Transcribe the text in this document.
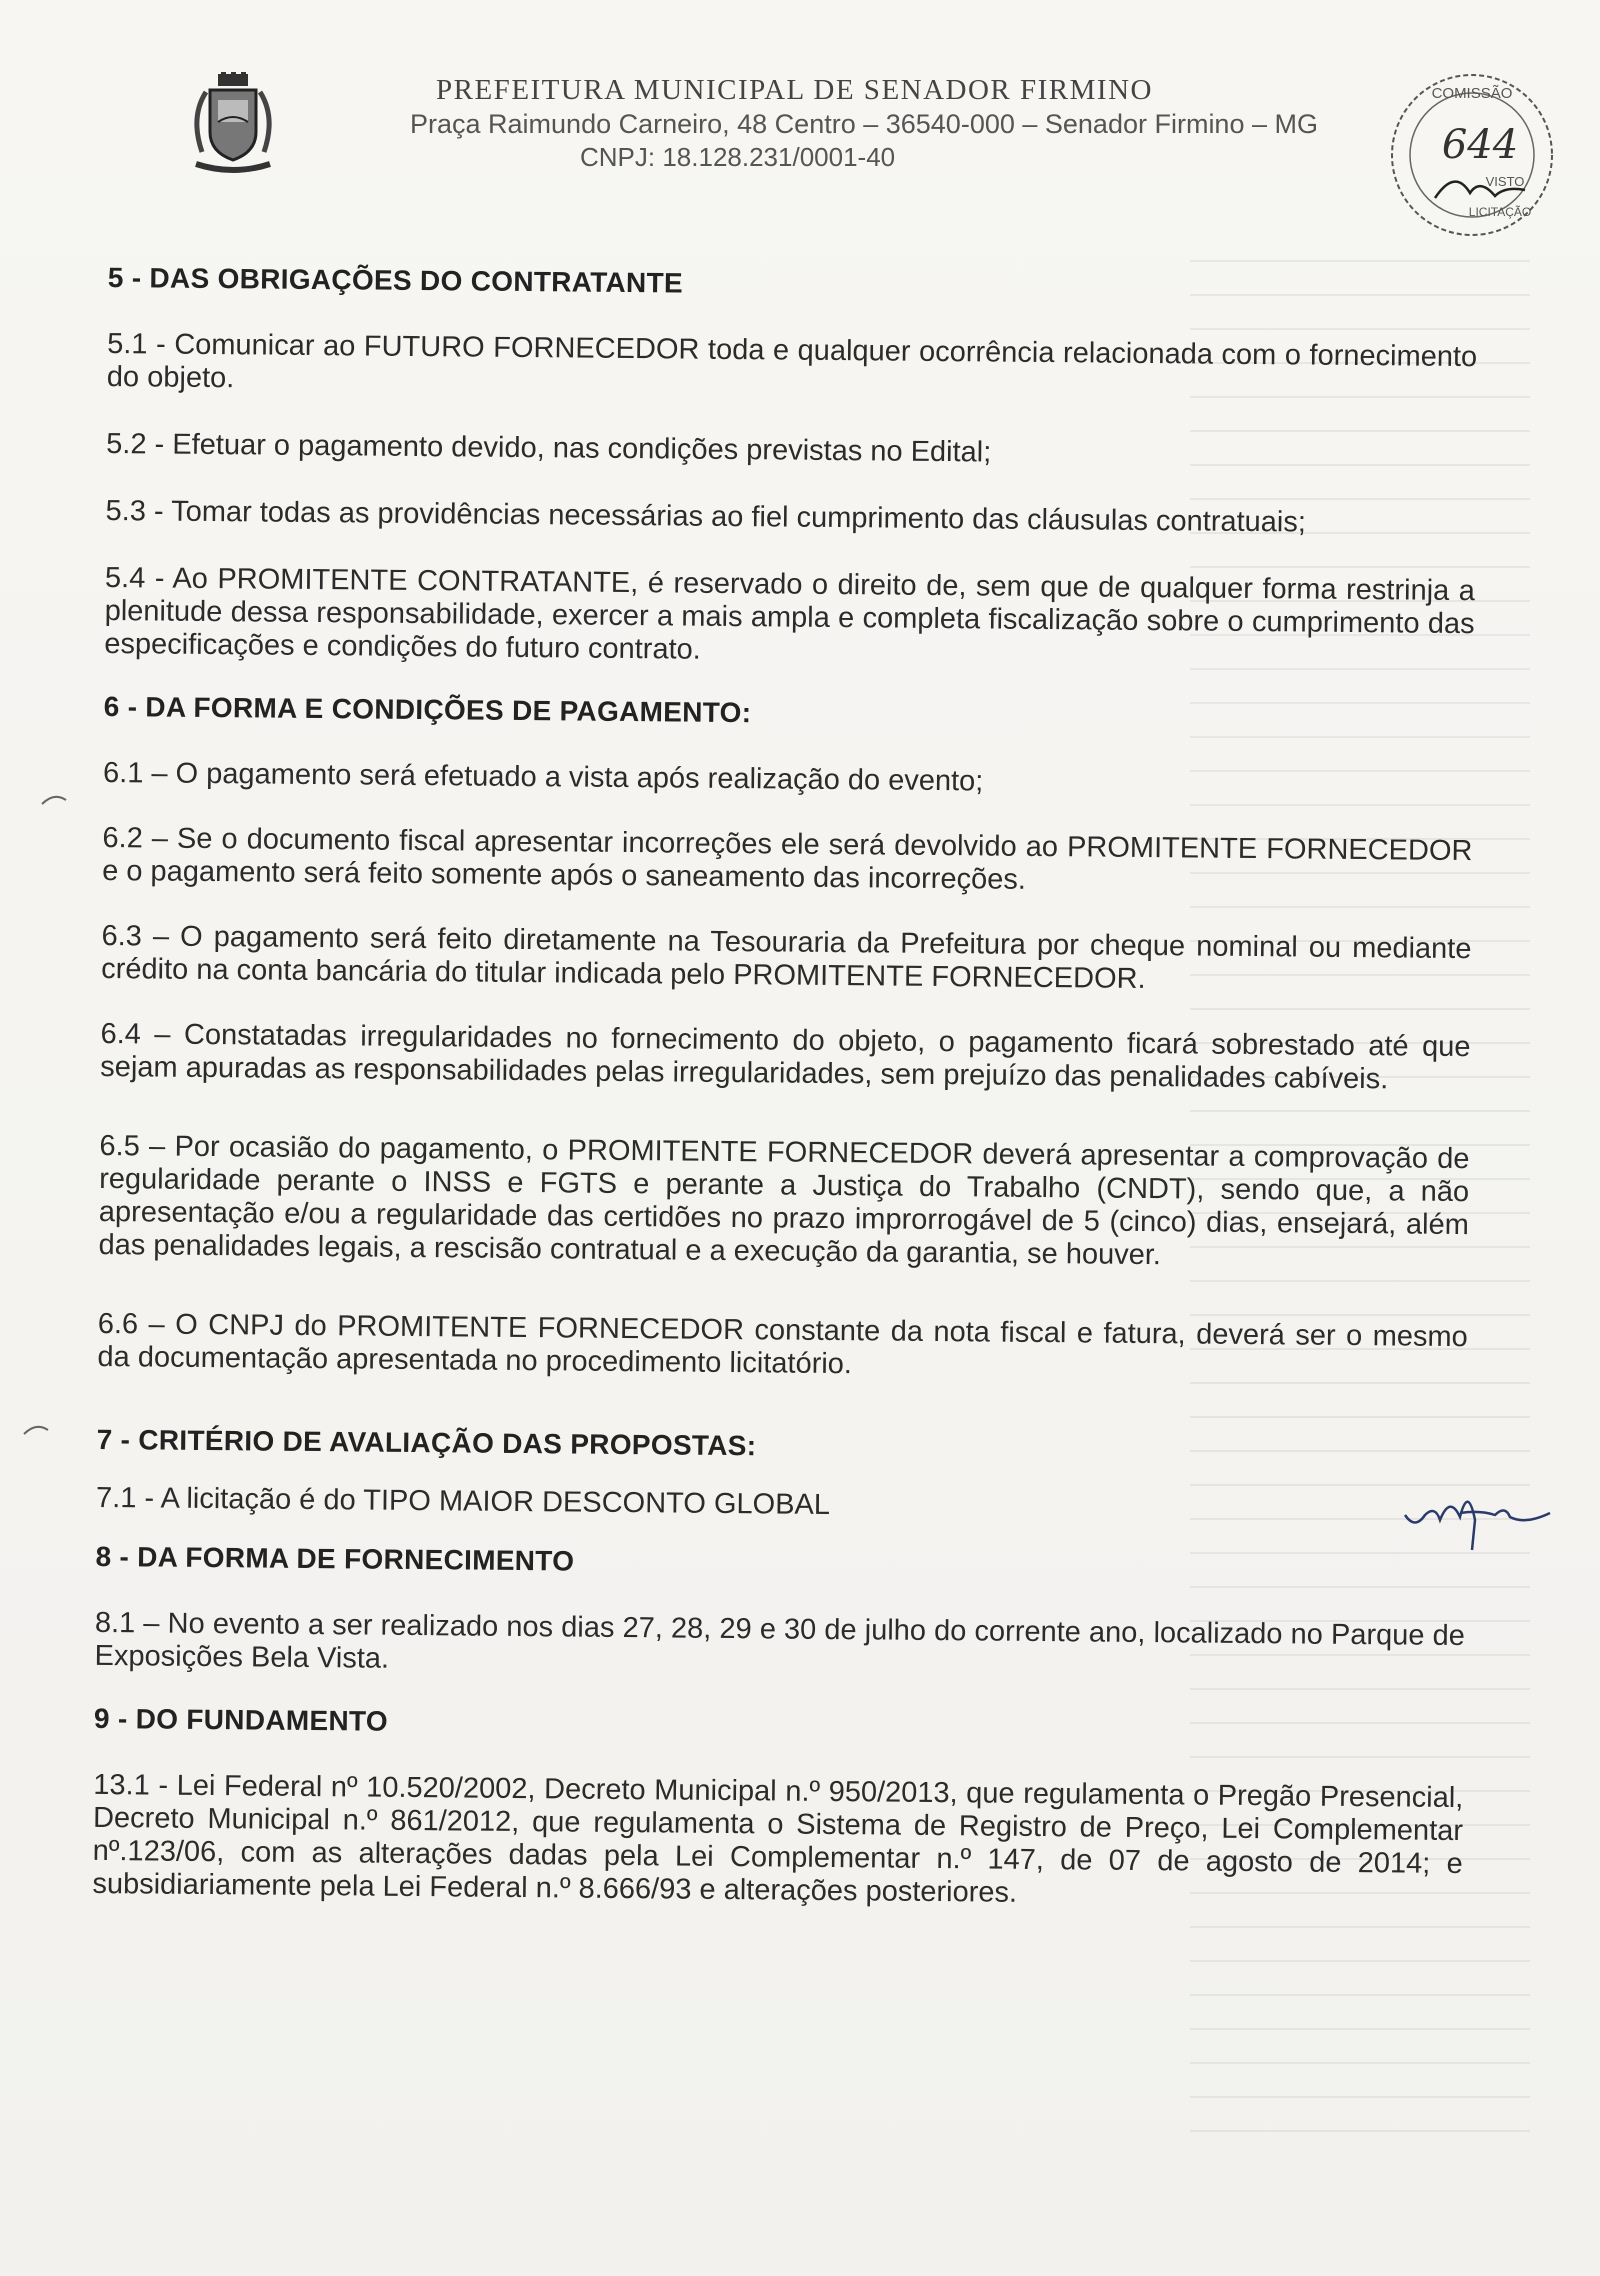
PREFEITURA MUNICIPAL DE SENADOR FIRMINO
Praça Raimundo Carneiro, 48 Centro – 36540-000 – Senador Firmino – MG
CNPJ: 18.128.231/0001-40
COMISSÃO
644
VISTO
LICITAÇÃO
5 - DAS OBRIGAÇÕES DO CONTRATANTE

5.1 - Comunicar ao FUTURO FORNECEDOR toda e qualquer ocorrência relacionada com o fornecimento do objeto.

5.2 - Efetuar o pagamento devido, nas condições previstas no Edital;

5.3 - Tomar todas as providências necessárias ao fiel cumprimento das cláusulas contratuais;

5.4 - Ao PROMITENTE CONTRATANTE, é reservado o direito de, sem que de qualquer forma restrinja a plenitude dessa responsabilidade, exercer a mais ampla e completa fiscalização sobre o cumprimento das especificações e condições do futuro contrato.

6 - DA FORMA E CONDIÇÕES DE PAGAMENTO:

6.1 – O pagamento será efetuado a vista após realização do evento;

6.2 – Se o documento fiscal apresentar incorreções ele será devolvido ao PROMITENTE FORNECEDOR e o pagamento será feito somente após o saneamento das incorreções.

6.3 – O pagamento será feito diretamente na Tesouraria da Prefeitura por cheque nominal ou mediante crédito na conta bancária do titular indicada pelo PROMITENTE FORNECEDOR.

6.4 – Constatadas irregularidades no fornecimento do objeto, o pagamento ficará sobrestado até que sejam apuradas as responsabilidades pelas irregularidades, sem prejuízo das penalidades cabíveis.

6.5 – Por ocasião do pagamento, o PROMITENTE FORNECEDOR deverá apresentar a comprovação de regularidade perante o INSS e FGTS e perante a Justiça do Trabalho (CNDT), sendo que, a não apresentação e/ou a regularidade das certidões no prazo improrrogável de 5 (cinco) dias, ensejará, além das penalidades legais, a rescisão contratual e a execução da garantia, se houver.

6.6 – O CNPJ do PROMITENTE FORNECEDOR constante da nota fiscal e fatura, deverá ser o mesmo da documentação apresentada no procedimento licitatório.

7 - CRITÉRIO DE AVALIAÇÃO DAS PROPOSTAS:

7.1 - A licitação é do TIPO MAIOR DESCONTO GLOBAL

8 - DA FORMA DE FORNECIMENTO

8.1 – No evento a ser realizado nos dias 27, 28, 29 e 30 de julho do corrente ano, localizado no Parque de Exposições Bela Vista.

9 - DO FUNDAMENTO

13.1 - Lei Federal nº 10.520/2002, Decreto Municipal n.º 950/2013, que regulamenta o Pregão Presencial, Decreto Municipal n.º 861/2012, que regulamenta o Sistema de Registro de Preço, Lei Complementar nº.123/06, com as alterações dadas pela Lei Complementar n.º 147, de 07 de agosto de 2014; e subsidiariamente pela Lei Federal n.º 8.666/93 e alterações posteriores.
